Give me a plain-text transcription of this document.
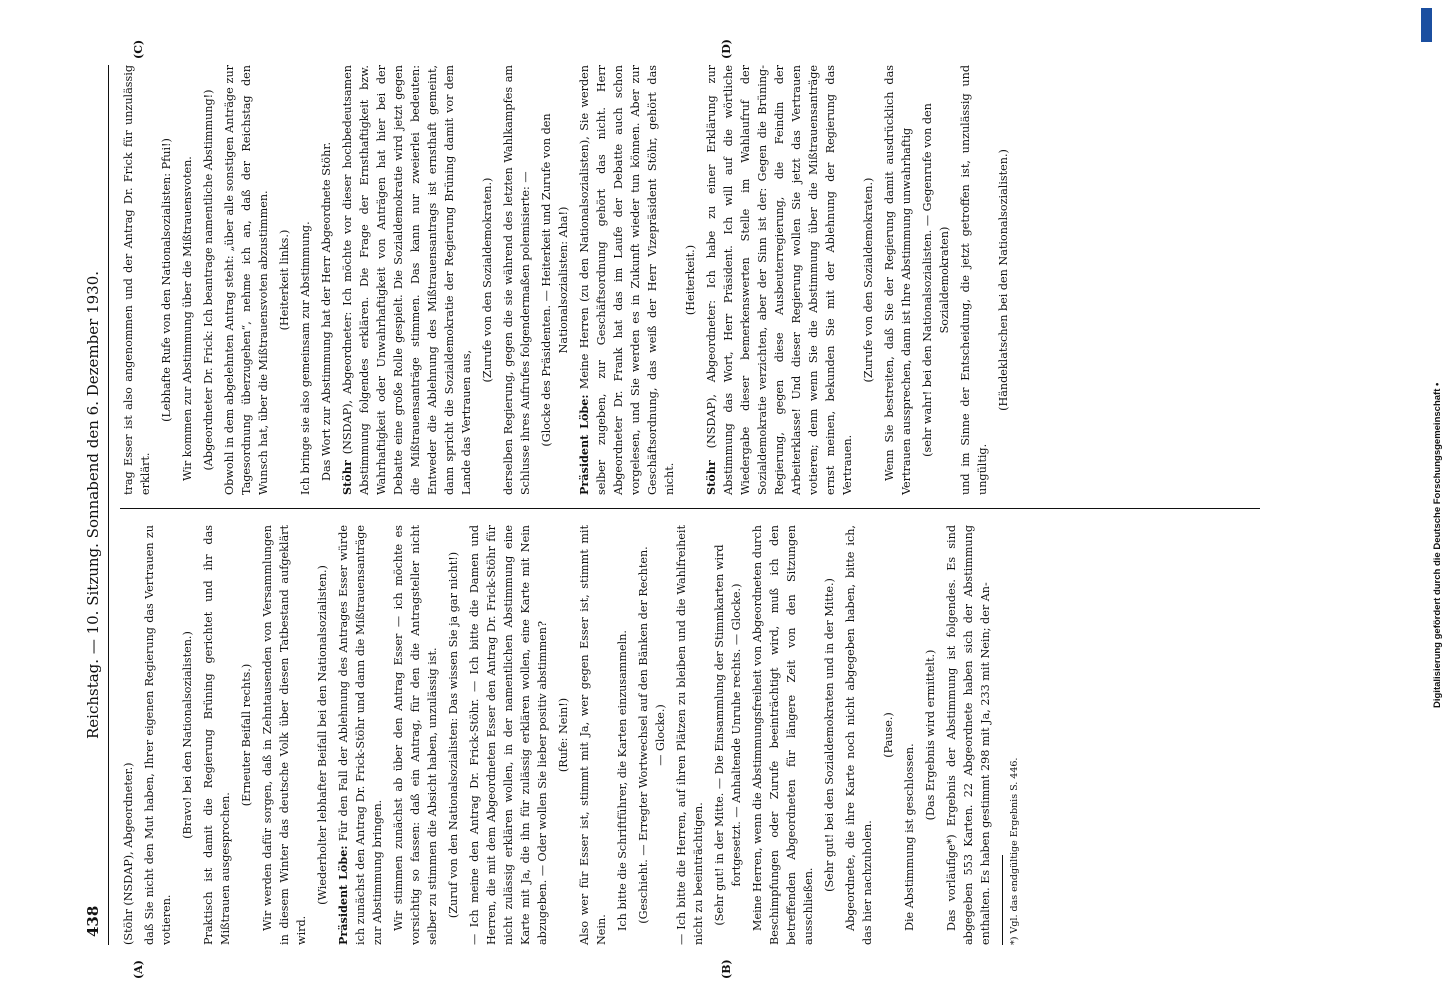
438
Reichstag. — 10. Sitzung. Sonnabend den 6. Dezember 1930.
(A)	(B)
(C)	(D)

(Stöhr (NSDAP), Abgeordneter.) daß Sie nicht den Mut haben, Ihrer eigenen Regierung das Vertrauen zu votieren.

(Bravo! bei den Nationalsozialisten.) Praktisch ist damit die Regierung Brüning gerichtet und ihr das Mißtrauen ausgesprochen.

(Erneuter Beifall rechts.) Wir werden dafür sorgen, daß in Zehntausenden von Versammlungen in diesem Winter das deutsche Volk über diesen Tatbestand aufgeklärt wird.

(Wiederholter lebhafter Beifall bei den Nationalsozialisten.) Präsident Löbe: Für den Fall der Ablehnung des Antrages Esser würde ich zunächst den Antrag Dr. Frick-Stöhr und dann die Mißtrauensanträge zur Abstimmung bringen. Wir stimmen zunächst ab über den Antrag Esser — ich möchte es vorsichtig so fassen: daß ein Antrag, für den die Antragsteller nicht selber zu stimmen die Absicht haben, unzulässig ist. (Zuruf von den Nationalsozialisten: Das wissen Sie ja gar nicht!) — Ich meine den Antrag Dr. Frick-Stöhr. — Ich bitte die Damen und Herren, die mit dem Abgeordneten Esser den Antrag Dr. Frick-Stöhr für nicht zulässig erklären wollen, in der namentlichen Abstimmung eine Karte mit Ja, die ihn für zulässig erklären wollen, eine Karte mit Nein abzugeben. — Oder wollen Sie lieber positiv abstimmen? (Rufe: Nein!) Also wer für Esser ist, stimmt mit Ja, wer gegen Esser ist, stimmt mit Nein. Ich bitte die Schriftführer, die Karten einzusammeln. (Geschieht. — Erregter Wortwechsel auf den Bänken der Rechten. — Glocke.) — Ich bitte die Herren, auf ihren Plätzen zu bleiben und die Wahlfreiheit nicht zu beeinträchtigen. (Sehr gut! in der Mitte. — Die Einsammlung der Stimmkarten wird fortgesetzt. — Anhaltende Unruhe rechts. — Glocke.) Meine Herren, wenn die Abstimmungsfreiheit von Abgeordneten durch Beschimpfungen oder Zurufe beeinträchtigt wird, muß ich den betreffenden Abgeordneten für längere Zeit von den Sitzungen ausschließen.

(Sehr gut! bei den Sozialdemokraten und in der Mitte.) Abgeordnete, die ihre Karte noch nicht abgegeben haben, bitte ich, das hier nachzuholen.

(Pause.)

Die Abstimmung ist geschlossen.

(Das Ergebnis wird ermittelt.) Das vorläufige*) Ergebnis der Abstimmung ist folgendes. Es sind abgegeben 553 Karten. 22 Abgeordnete haben sich der Abstimmung enthalten. Es haben gestimmt 298 mit Ja, 233 mit Nein; der An-	*) Vgl. das endgültige Ergebnis S. 446.

trag Esser ist also angenommen und der Antrag Dr. Frick für unzulässig erklärt.

(Lebhafte Rufe von den Nationalsozialisten: Pfui!) Wir kommen zur Abstimmung über die Mißtrauensvoten. (Abgeordneter Dr. Frick: Ich beantrage namentliche Abstimmung!) Obwohl in dem abgelehnten Antrag steht: „über alle sonstigen Anträge zur Tagesordnung überzugehen“, nehme ich an, daß der Reichstag den Wunsch hat, über die Mißtrauensvoten abzustimmen. (Heiterkeit links.) Ich bringe sie also gemeinsam zur Abstimmung. Das Wort zur Abstimmung hat der Herr Abgeordnete Stöhr. Stöhr (NSDAP), Abgeordneter: Ich möchte vor dieser hochbedeutsamen Abstimmung folgendes erklären. Die Frage der Ernsthaftigkeit bzw. Wahrhaftigkeit oder Unwahrhaftigkeit von Anträgen hat hier bei der Debatte eine große Rolle gespielt. Die Sozialdemokratie wird jetzt gegen die Mißtrauensanträge stimmen. Das kann nur zweierlei bedeuten: Entweder die Ablehnung des Mißtrauensantrags ist ernsthaft gemeint, dann spricht die Sozialdemokratie der Regierung Brüning damit vor dem Lande das Vertrauen aus,

(Zurufe von den Sozialdemokraten.) derselben Regierung, gegen die sie während des letzten Wahlkampfes am Schlusse ihres Aufrufes folgendermaßen polemisierte: — (Glocke des Präsidenten. — Heiterkeit und Zurufe von den Nationalsozialisten: Aha!)

Präsident Löbe: Meine Herren (zu den Nationalsozialisten), Sie werden selber zugeben, zur Geschäftsordnung gehört das nicht. Herr Abgeordneter Dr. Frank hat das im Laufe der Debatte auch schon vorgelesen, und Sie werden es in Zukunft wieder tun können. Aber zur Geschäftsordnung, das weiß der Herr Vizepräsident Stöhr, gehört das nicht.

(Heiterkeit.)

Stöhr (NSDAP), Abgeordneter: Ich habe zu einer Erklärung zur Abstimmung das Wort, Herr Präsident. Ich will auf die wörtliche Wiedergabe dieser bemerkenswerten Stelle im Wahlaufruf der Sozialdemokratie verzichten, aber der Sinn ist der: Gegen die Brüning-Regierung, gegen diese Ausbeuterregierung, die Feindin der Arbeiterklasse! Und dieser Regierung wollen Sie jetzt das Vertrauen votieren; denn wenn Sie die Abstimmung über die Mißtrauensanträge ernst meinen, bekunden Sie mit der Ablehnung der Regierung das Vertrauen.

(Zurufe von den Sozialdemokraten.) Wenn Sie bestreiten, daß Sie der Regierung damit ausdrücklich das Vertrauen aussprechen, dann ist Ihre Abstimmung unwahrhaftig (sehr wahr! bei den Nationalsozialisten. — Gegenrufe von den Sozialdemokraten) und im Sinne der Entscheidung, die jetzt getroffen ist, unzulässig und ungültig.

(Händeklatschen bei den Nationalsozialisten.)

Digitalisierung gefördert durch die Deutsche Forschungsgemeinschaft •
